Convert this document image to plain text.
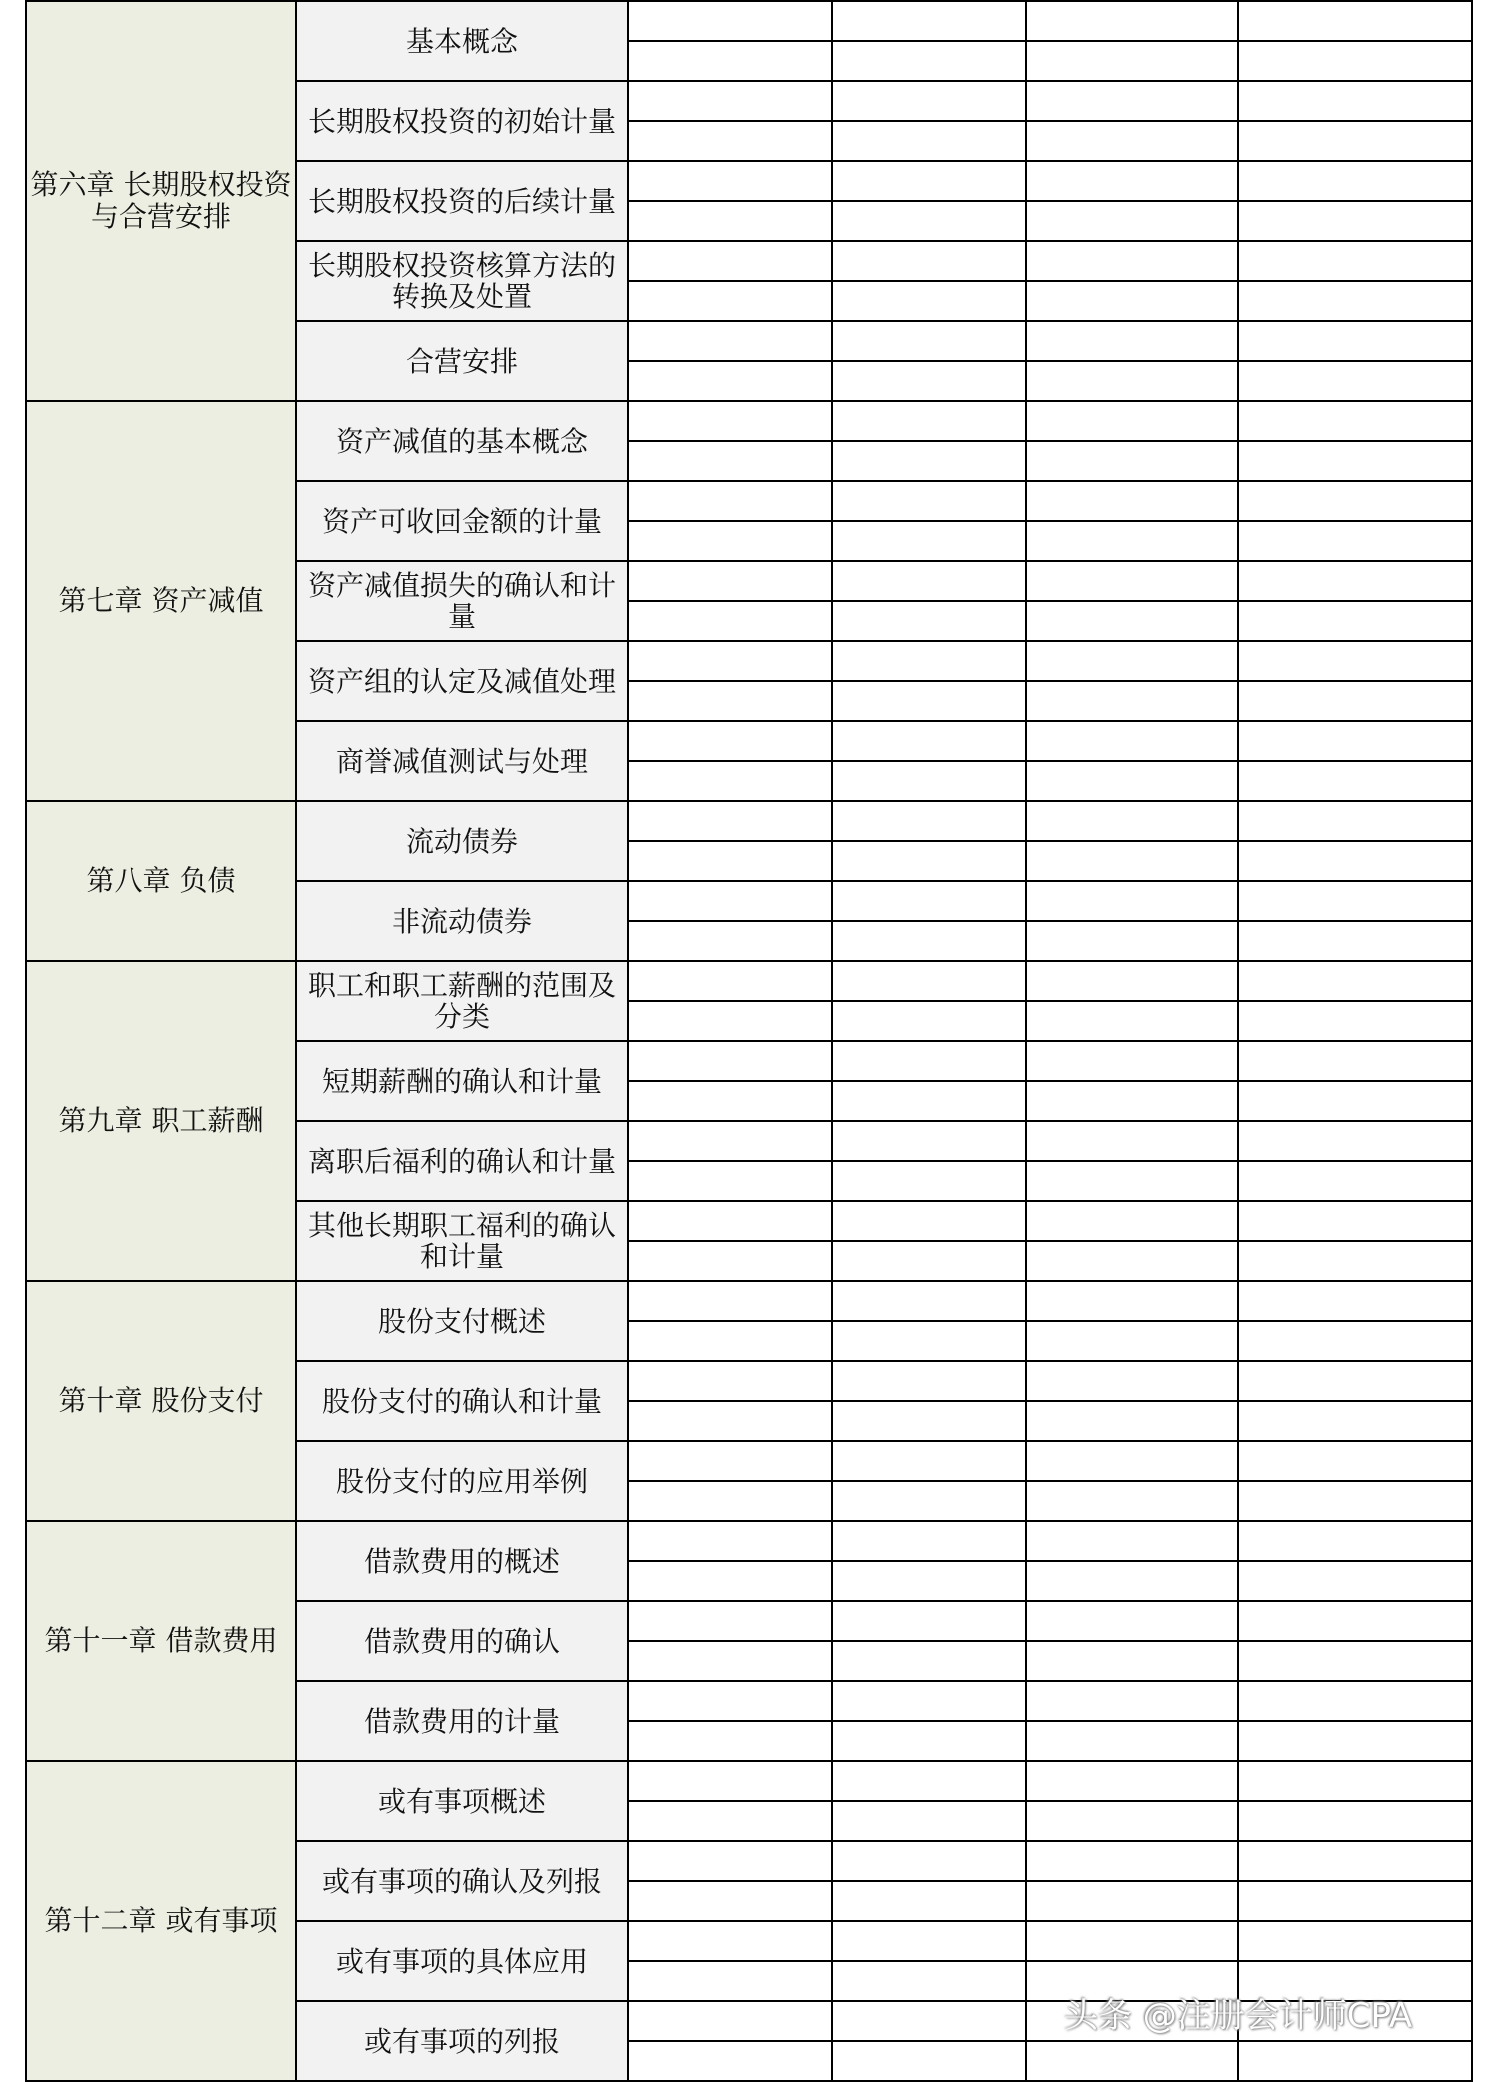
第六章 长期股权投资与合营安排	基本概念				

	长期股权投资的初始计量				

	长期股权投资的后续计量				

	长期股权投资核算方法的转换及处置				

	合营安排				

第七章 资产减值	资产减值的基本概念				

	资产可收回金额的计量				

	资产减值损失的确认和计量				

	资产组的认定及减值处理				

	商誉减值测试与处理				

第八章 负债	流动债券				

	非流动债券				

第九章 职工薪酬	职工和职工薪酬的范围及分类				

	短期薪酬的确认和计量				

	离职后福利的确认和计量				

	其他长期职工福利的确认和计量				

第十章 股份支付	股份支付概述				

	股份支付的确认和计量				

	股份支付的应用举例				

第十一章 借款费用	借款费用的概述				

	借款费用的确认				

	借款费用的计量				

第十二章 或有事项	或有事项概述				

	或有事项的确认及列报				

	或有事项的具体应用				

	或有事项的列报				

头条 @注册会计师CPA
